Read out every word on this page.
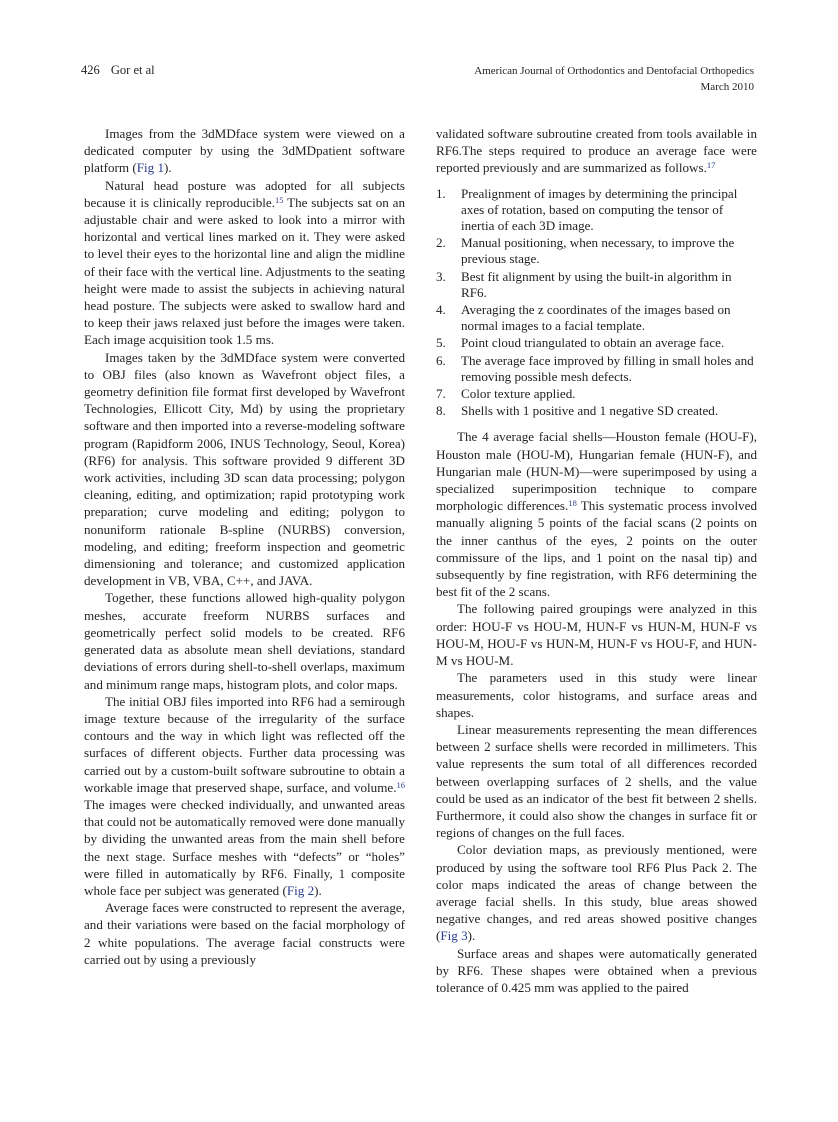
426 Gor et al	American Journal of Orthodontics and Dentofacial Orthopedics
March 2010

Images from the 3dMDface system were viewed on a dedicated computer by using the 3dMDpatient software platform (Fig 1).

Natural head posture was adopted for all subjects because it is clinically reproducible.$^{15}$ The subjects sat on an adjustable chair and were asked to look into a mirror with horizontal and vertical lines marked on it. They were asked to level their eyes to the horizontal line and align the midline of their face with the vertical line. Adjustments to the seating height were made to assist the subjects in achieving natural head posture. The subjects were asked to swallow hard and to keep their jaws relaxed just before the images were taken. Each image acquisition took 1.5 ms.

Images taken by the 3dMDface system were converted to OBJ files (also known as Wavefront object files, a geometry definition file format first developed by Wavefront Technologies, Ellicott City, Md) by using the proprietary software and then imported into a reverse-modeling software program (Rapidform 2006, INUS Technology, Seoul, Korea) (RF6) for analysis. This software provided 9 different 3D work activities, including 3D scan data processing; polygon cleaning, editing, and optimization; rapid prototyping work preparation; curve modeling and editing; polygon to nonuniform rationale B-spline (NURBS) conversion, modeling, and editing; freeform inspection and geometric dimensioning and tolerance; and customized application development in VB, VBA, C++, and JAVA.

Together, these functions allowed high-quality polygon meshes, accurate freeform NURBS surfaces and geometrically perfect solid models to be created. RF6 generated data as absolute mean shell deviations, standard deviations of errors during shell-to-shell overlaps, maximum and minimum range maps, histogram plots, and color maps.

The initial OBJ files imported into RF6 had a semirough image texture because of the irregularity of the surface contours and the way in which light was reflected off the surfaces of different objects. Further data processing was carried out by a custom-built software subroutine to obtain a workable image that preserved shape, surface, and volume.$^{16}$ The images were checked individually, and unwanted areas that could not be automatically removed were done manually by dividing the unwanted areas from the main shell before the next stage. Surface meshes with “defects” or “holes” were filled in automatically by RF6. Finally, 1 composite whole face per subject was generated (Fig 2).

Average faces were constructed to represent the average, and their variations were based on the facial morphology of 2 white populations. The average facial constructs were carried out by using a previously

validated software subroutine created from tools available in RF6.The steps required to produce an average face were reported previously and are summarized as follows.$^{17}$

1. Prealignment of images by determining the principal axes of rotation, based on computing the tensor of inertia of each 3D image.
2. Manual positioning, when necessary, to improve the previous stage.
3. Best fit alignment by using the built-in algorithm in RF6.
4. Averaging the z coordinates of the images based on normal images to a facial template.
5. Point cloud triangulated to obtain an average face.
6. The average face improved by filling in small holes and removing possible mesh defects.
7. Color texture applied.
8. Shells with 1 positive and 1 negative SD created.

The 4 average facial shells—Houston female (HOU-F), Houston male (HOU-M), Hungarian female (HUN-F), and Hungarian male (HUN-M)—were superimposed by using a specialized superimposition technique to compare morphologic differences.$^{18}$ This systematic process involved manually aligning 5 points of the facial scans (2 points on the inner canthus of the eyes, 2 points on the outer commissure of the lips, and 1 point on the nasal tip) and subsequently by fine registration, with RF6 determining the best fit of the 2 scans.

The following paired groupings were analyzed in this order: HOU-F vs HOU-M, HUN-F vs HUN-M, HUN-F vs HOU-M, HOU-F vs HUN-M, HUN-F vs HOU-F, and HUN-M vs HOU-M.

The parameters used in this study were linear measurements, color histograms, and surface areas and shapes.

Linear measurements representing the mean differences between 2 surface shells were recorded in millimeters. This value represents the sum total of all differences recorded between overlapping surfaces of 2 shells, and the value could be used as an indicator of the best fit between 2 shells. Furthermore, it could also show the changes in surface fit or regions of changes on the full faces.

Color deviation maps, as previously mentioned, were produced by using the software tool RF6 Plus Pack 2. The color maps indicated the areas of change between the average facial shells. In this study, blue areas showed negative changes, and red areas showed positive changes (Fig 3).

Surface areas and shapes were automatically generated by RF6. These shapes were obtained when a previous tolerance of 0.425 mm was applied to the paired
